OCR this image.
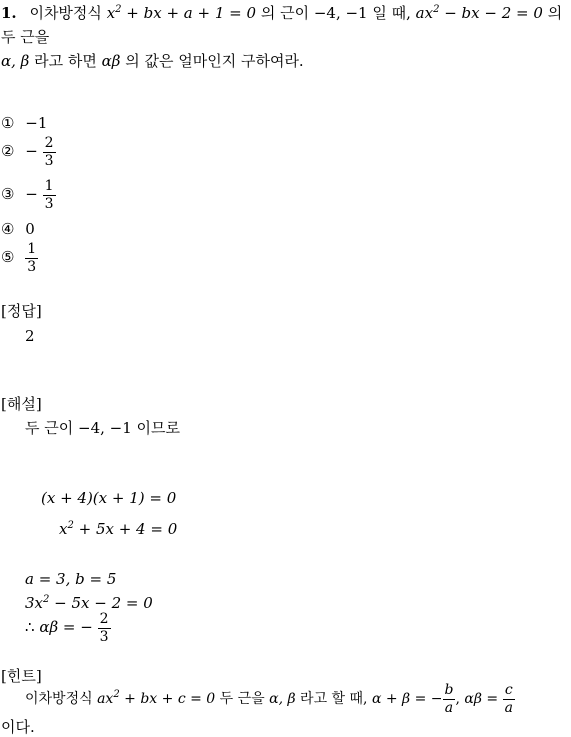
1. 이차방정식 $x^2$ + bx + a + 1 = 0 의 근이 −4, −1 일 때, $ax^2$ − bx − 2 = 0 의
두 근을
α, β 라고 하면 αβ 의 값은 얼마인지 구하여라.
① −1
② − $\frac{2}{3}$
③ − $\frac{1}{3}$
④ 0
⑤ $\frac{1}{3}$
[정답]
2
[해설]
두 근이 −4, −1 이므로
(x + 4)(x + 1) = 0
$x^2 + 5x + 4 = 0$
a = 3, b = 5
$3x^2 - 5x - 2 = 0$
∴ αβ = − $\frac{2}{3}$
[힌트]
이차방정식 $ax^2$ + bx + c = 0 두 근을 α, β 라고 할 때, α + β = − $\frac{b}{a}$ , $\alpha\beta = \frac{c}{a}$
이다.
